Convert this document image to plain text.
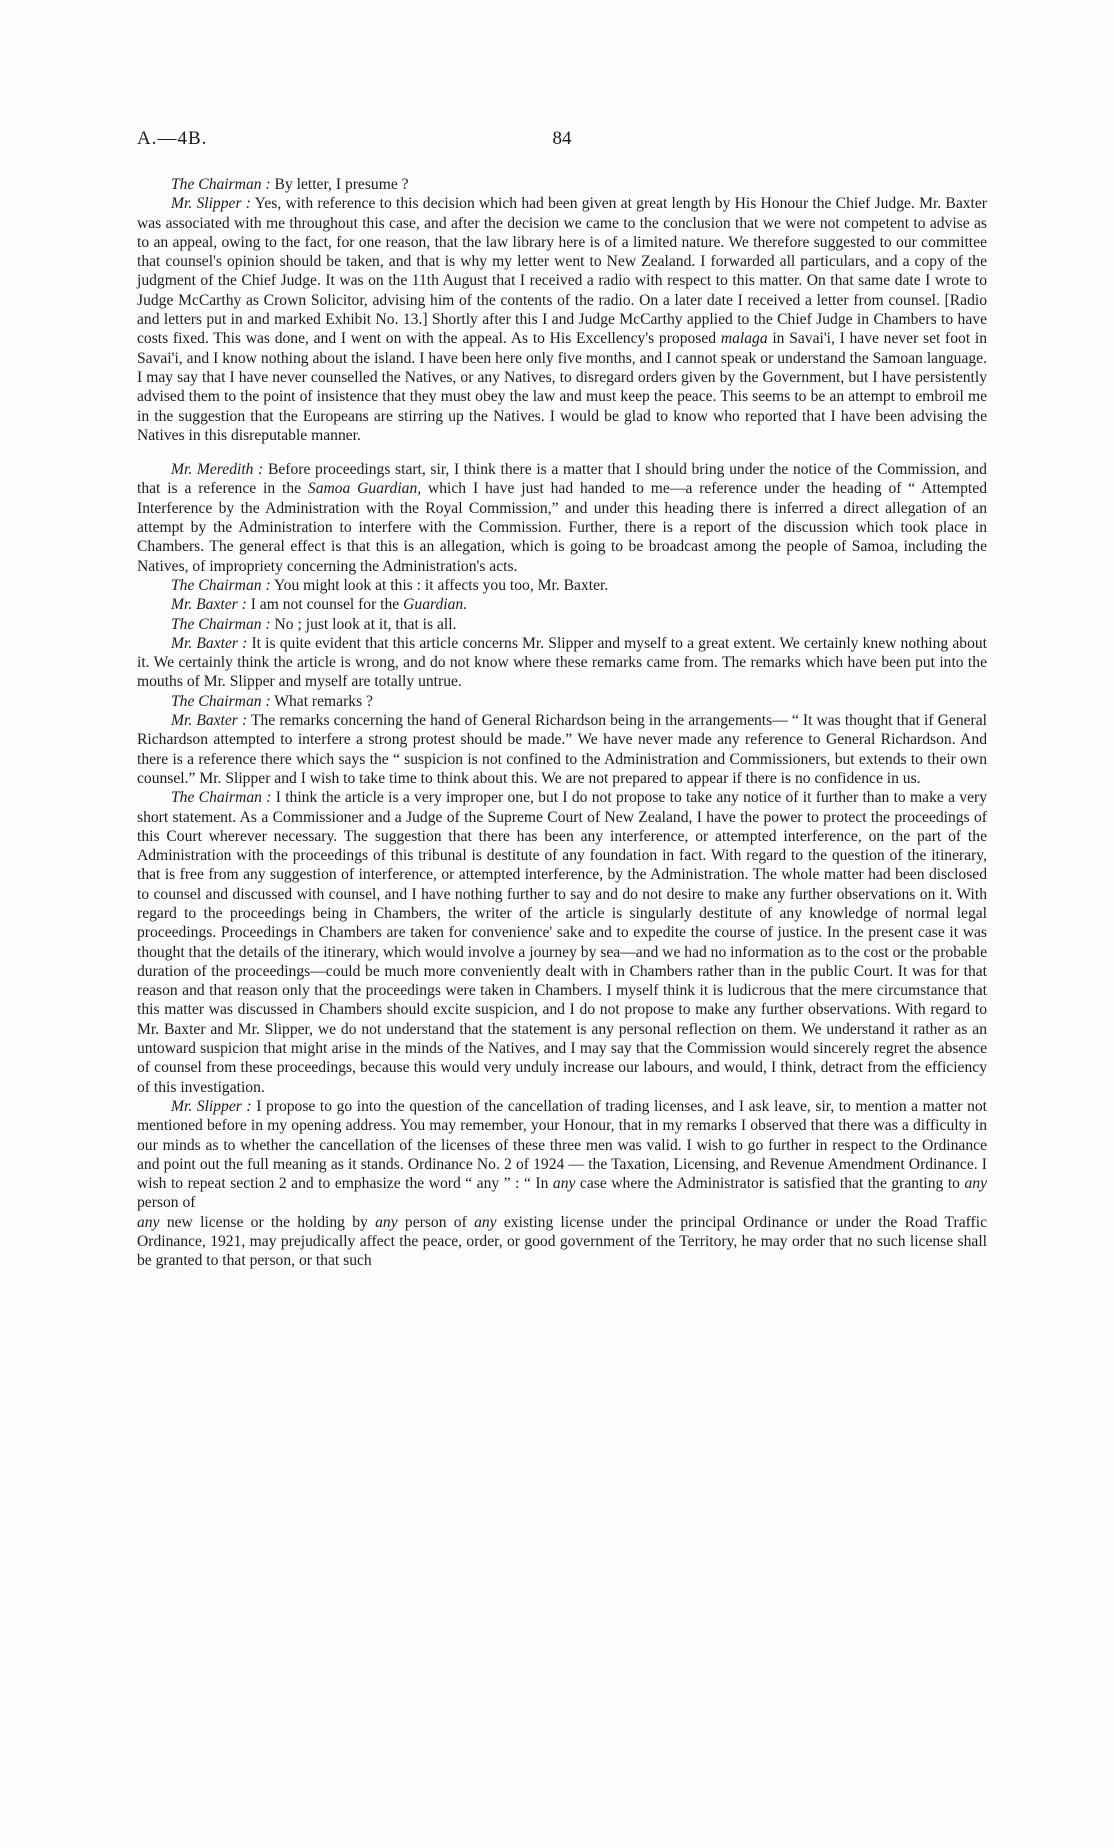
A.—4B.	84

The Chairman : By letter, I presume ?

Mr. Slipper : Yes, with reference to this decision which had been given at great length by His Honour the Chief Judge. Mr. Baxter was associated with me throughout this case, and after the decision we came to the conclusion that we were not competent to advise as to an appeal, owing to the fact, for one reason, that the law library here is of a limited nature. We therefore suggested to our committee that counsel's opinion should be taken, and that is why my letter went to New Zealand. I forwarded all particulars, and a copy of the judgment of the Chief Judge. It was on the 11th August that I received a radio with respect to this matter. On that same date I wrote to Judge McCarthy as Crown Solicitor, advising him of the contents of the radio. On a later date I received a letter from counsel. [Radio and letters put in and marked Exhibit No. 13.] Shortly after this I and Judge McCarthy applied to the Chief Judge in Chambers to have costs fixed. This was done, and I went on with the appeal. As to His Excellency's proposed malaga in Savai'i, I have never set foot in Savai'i, and I know nothing about the island. I have been here only five months, and I cannot speak or understand the Samoan language. I may say that I have never counselled the Natives, or any Natives, to disregard orders given by the Government, but I have persistently advised them to the point of insistence that they must obey the law and must keep the peace. This seems to be an attempt to embroil me in the suggestion that the Europeans are stirring up the Natives. I would be glad to know who reported that I have been advising the Natives in this disreputable manner.

Mr. Meredith : Before proceedings start, sir, I think there is a matter that I should bring under the notice of the Commission, and that is a reference in the Samoa Guardian, which I have just had handed to me—a reference under the heading of “ Attempted Interference by the Administration with the Royal Commission,” and under this heading there is inferred a direct allegation of an attempt by the Administration to interfere with the Commission. Further, there is a report of the discussion which took place in Chambers. The general effect is that this is an allegation, which is going to be broadcast among the people of Samoa, including the Natives, of impropriety concerning the Administration's acts.

The Chairman : You might look at this : it affects you too, Mr. Baxter.

Mr. Baxter : I am not counsel for the Guardian.

The Chairman : No ; just look at it, that is all.

Mr. Baxter : It is quite evident that this article concerns Mr. Slipper and myself to a great extent. We certainly knew nothing about it. We certainly think the article is wrong, and do not know where these remarks came from. The remarks which have been put into the mouths of Mr. Slipper and myself are totally untrue.

The Chairman : What remarks ?

Mr. Baxter : The remarks concerning the hand of General Richardson being in the arrangements— “ It was thought that if General Richardson attempted to interfere a strong protest should be made.” We have never made any reference to General Richardson. And there is a reference there which says the “ suspicion is not confined to the Administration and Commissioners, but extends to their own counsel.” Mr. Slipper and I wish to take time to think about this. We are not prepared to appear if there is no confidence in us.

The Chairman : I think the article is a very improper one, but I do not propose to take any notice of it further than to make a very short statement. As a Commissioner and a Judge of the Supreme Court of New Zealand, I have the power to protect the proceedings of this Court wherever necessary. The suggestion that there has been any interference, or attempted interference, on the part of the Administration with the proceedings of this tribunal is destitute of any foundation in fact. With regard to the question of the itinerary, that is free from any suggestion of interference, or attempted interference, by the Administration. The whole matter had been disclosed to counsel and discussed with counsel, and I have nothing further to say and do not desire to make any further observations on it. With regard to the proceedings being in Chambers, the writer of the article is singularly destitute of any knowledge of normal legal proceedings. Proceedings in Chambers are taken for convenience' sake and to expedite the course of justice. In the present case it was thought that the details of the itinerary, which would involve a journey by sea—and we had no information as to the cost or the probable duration of the proceedings—could be much more conveniently dealt with in Chambers rather than in the public Court. It was for that reason and that reason only that the proceedings were taken in Chambers. I myself think it is ludicrous that the mere circumstance that this matter was discussed in Chambers should excite suspicion, and I do not propose to make any further observations. With regard to Mr. Baxter and Mr. Slipper, we do not understand that the statement is any personal reflection on them. We understand it rather as an untoward suspicion that might arise in the minds of the Natives, and I may say that the Commission would sincerely regret the absence of counsel from these proceedings, because this would very unduly increase our labours, and would, I think, detract from the efficiency of this investigation.

Mr. Slipper : I propose to go into the question of the cancellation of trading licenses, and I ask leave, sir, to mention a matter not mentioned before in my opening address. You may remember, your Honour, that in my remarks I observed that there was a difficulty in our minds as to whether the cancellation of the licenses of these three men was valid. I wish to go further in respect to the Ordinance and point out the full meaning as it stands. Ordinance No. 2 of 1924 — the Taxation, Licensing, and Revenue Amendment Ordinance. I wish to repeat section 2 and to emphasize the word “ any ” : “ In any case where the Administrator is satisfied that the granting to any person of
any new license or the holding by any person of any existing license under the principal Ordinance or under the Road Traffic Ordinance, 1921, may prejudically affect the peace, order, or good government of the Territory, he may order that no such license shall be granted to that person, or that such
